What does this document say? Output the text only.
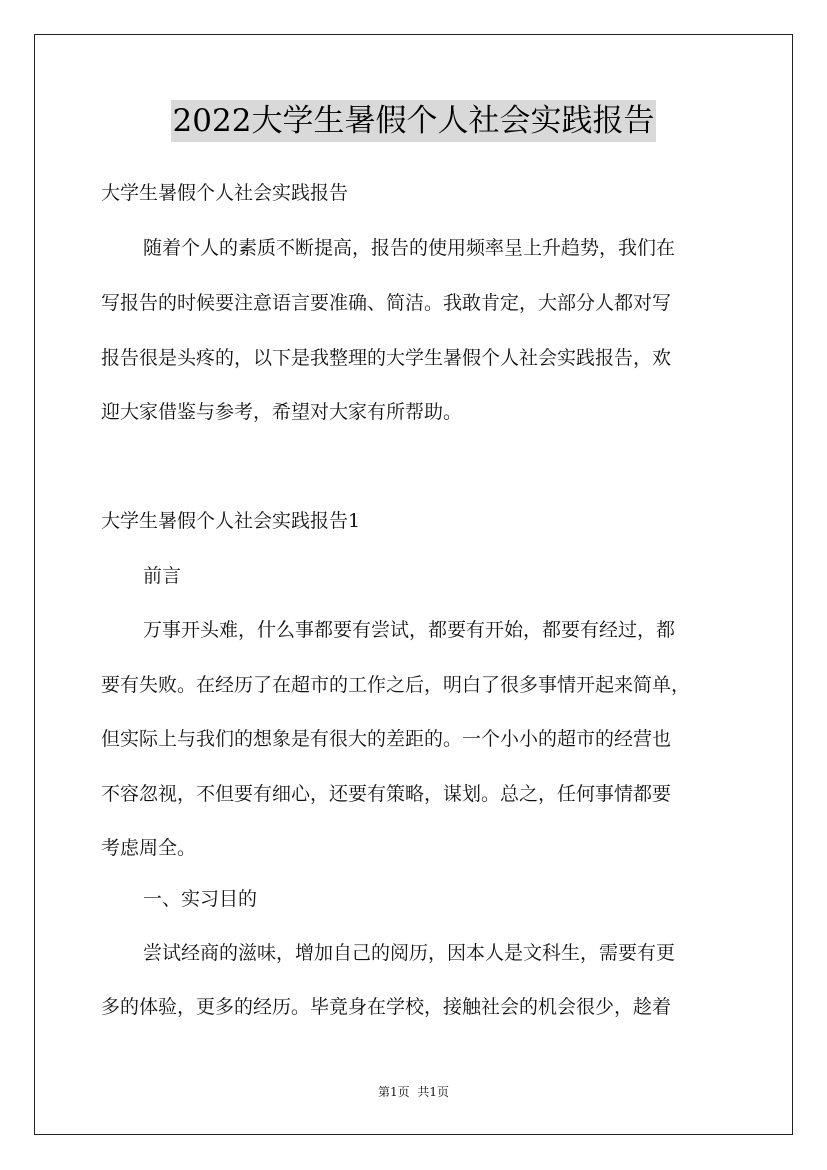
2022大学生暑假个人社会实践报告
大学生暑假个人社会实践报告
随着个人的素质不断提高，报告的使用频率呈上升趋势，我们在
写报告的时候要注意语言要准确、简洁。我敢肯定，大部分人都对写
报告很是头疼的，以下是我整理的大学生暑假个人社会实践报告，欢
迎大家借鉴与参考，希望对大家有所帮助。
大学生暑假个人社会实践报告1
前言
万事开头难，什么事都要有尝试，都要有开始，都要有经过，都
要有失败。在经历了在超市的工作之后，明白了很多事情开起来简单，
但实际上与我们的想象是有很大的差距的。一个小小的超市的经营也
不容忽视，不但要有细心，还要有策略，谋划。总之，任何事情都要
考虑周全。
一、实习目的
尝试经商的滋味，增加自己的阅历，因本人是文科生，需要有更
多的体验，更多的经历。毕竟身在学校，接触社会的机会很少，趁着
第1页 共1页
